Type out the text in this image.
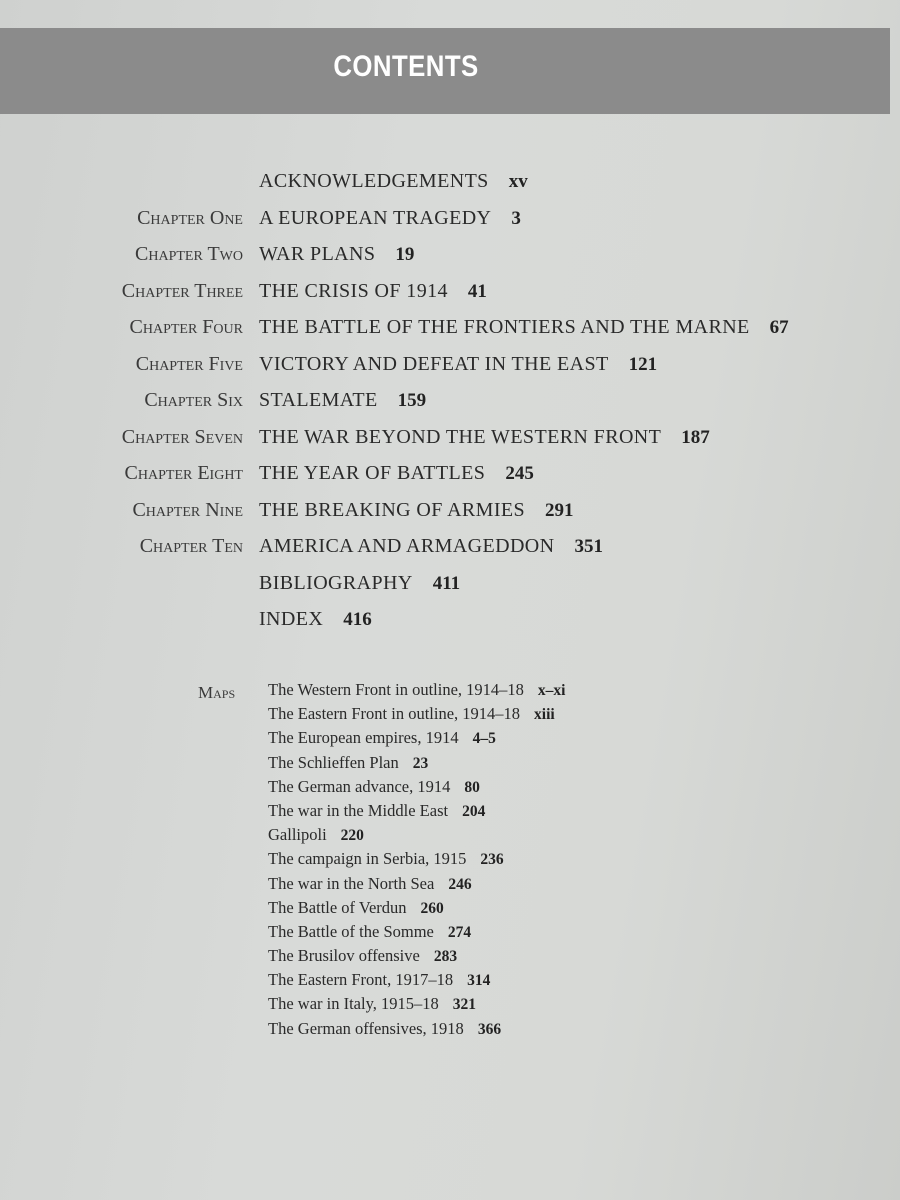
CONTENTS
ACKNOWLEDGEMENTS xv
Chapter One A EUROPEAN TRAGEDY 3
Chapter Two WAR PLANS 19
Chapter Three THE CRISIS OF 1914 41
Chapter Four THE BATTLE OF THE FRONTIERS AND THE MARNE 67
Chapter Five VICTORY AND DEFEAT IN THE EAST 121
Chapter Six STALEMATE 159
Chapter Seven THE WAR BEYOND THE WESTERN FRONT 187
Chapter Eight THE YEAR OF BATTLES 245
Chapter Nine THE BREAKING OF ARMIES 291
Chapter Ten AMERICA AND ARMAGEDDON 351
BIBLIOGRAPHY 411
INDEX 416
Maps The Western Front in outline, 1914–18 x–xi
The Eastern Front in outline, 1914–18 xiii
The European empires, 1914 4–5
The Schlieffen Plan 23
The German advance, 1914 80
The war in the Middle East 204
Gallipoli 220
The campaign in Serbia, 1915 236
The war in the North Sea 246
The Battle of Verdun 260
The Battle of the Somme 274
The Brusilov offensive 283
The Eastern Front, 1917–18 314
The war in Italy, 1915–18 321
The German offensives, 1918 366
